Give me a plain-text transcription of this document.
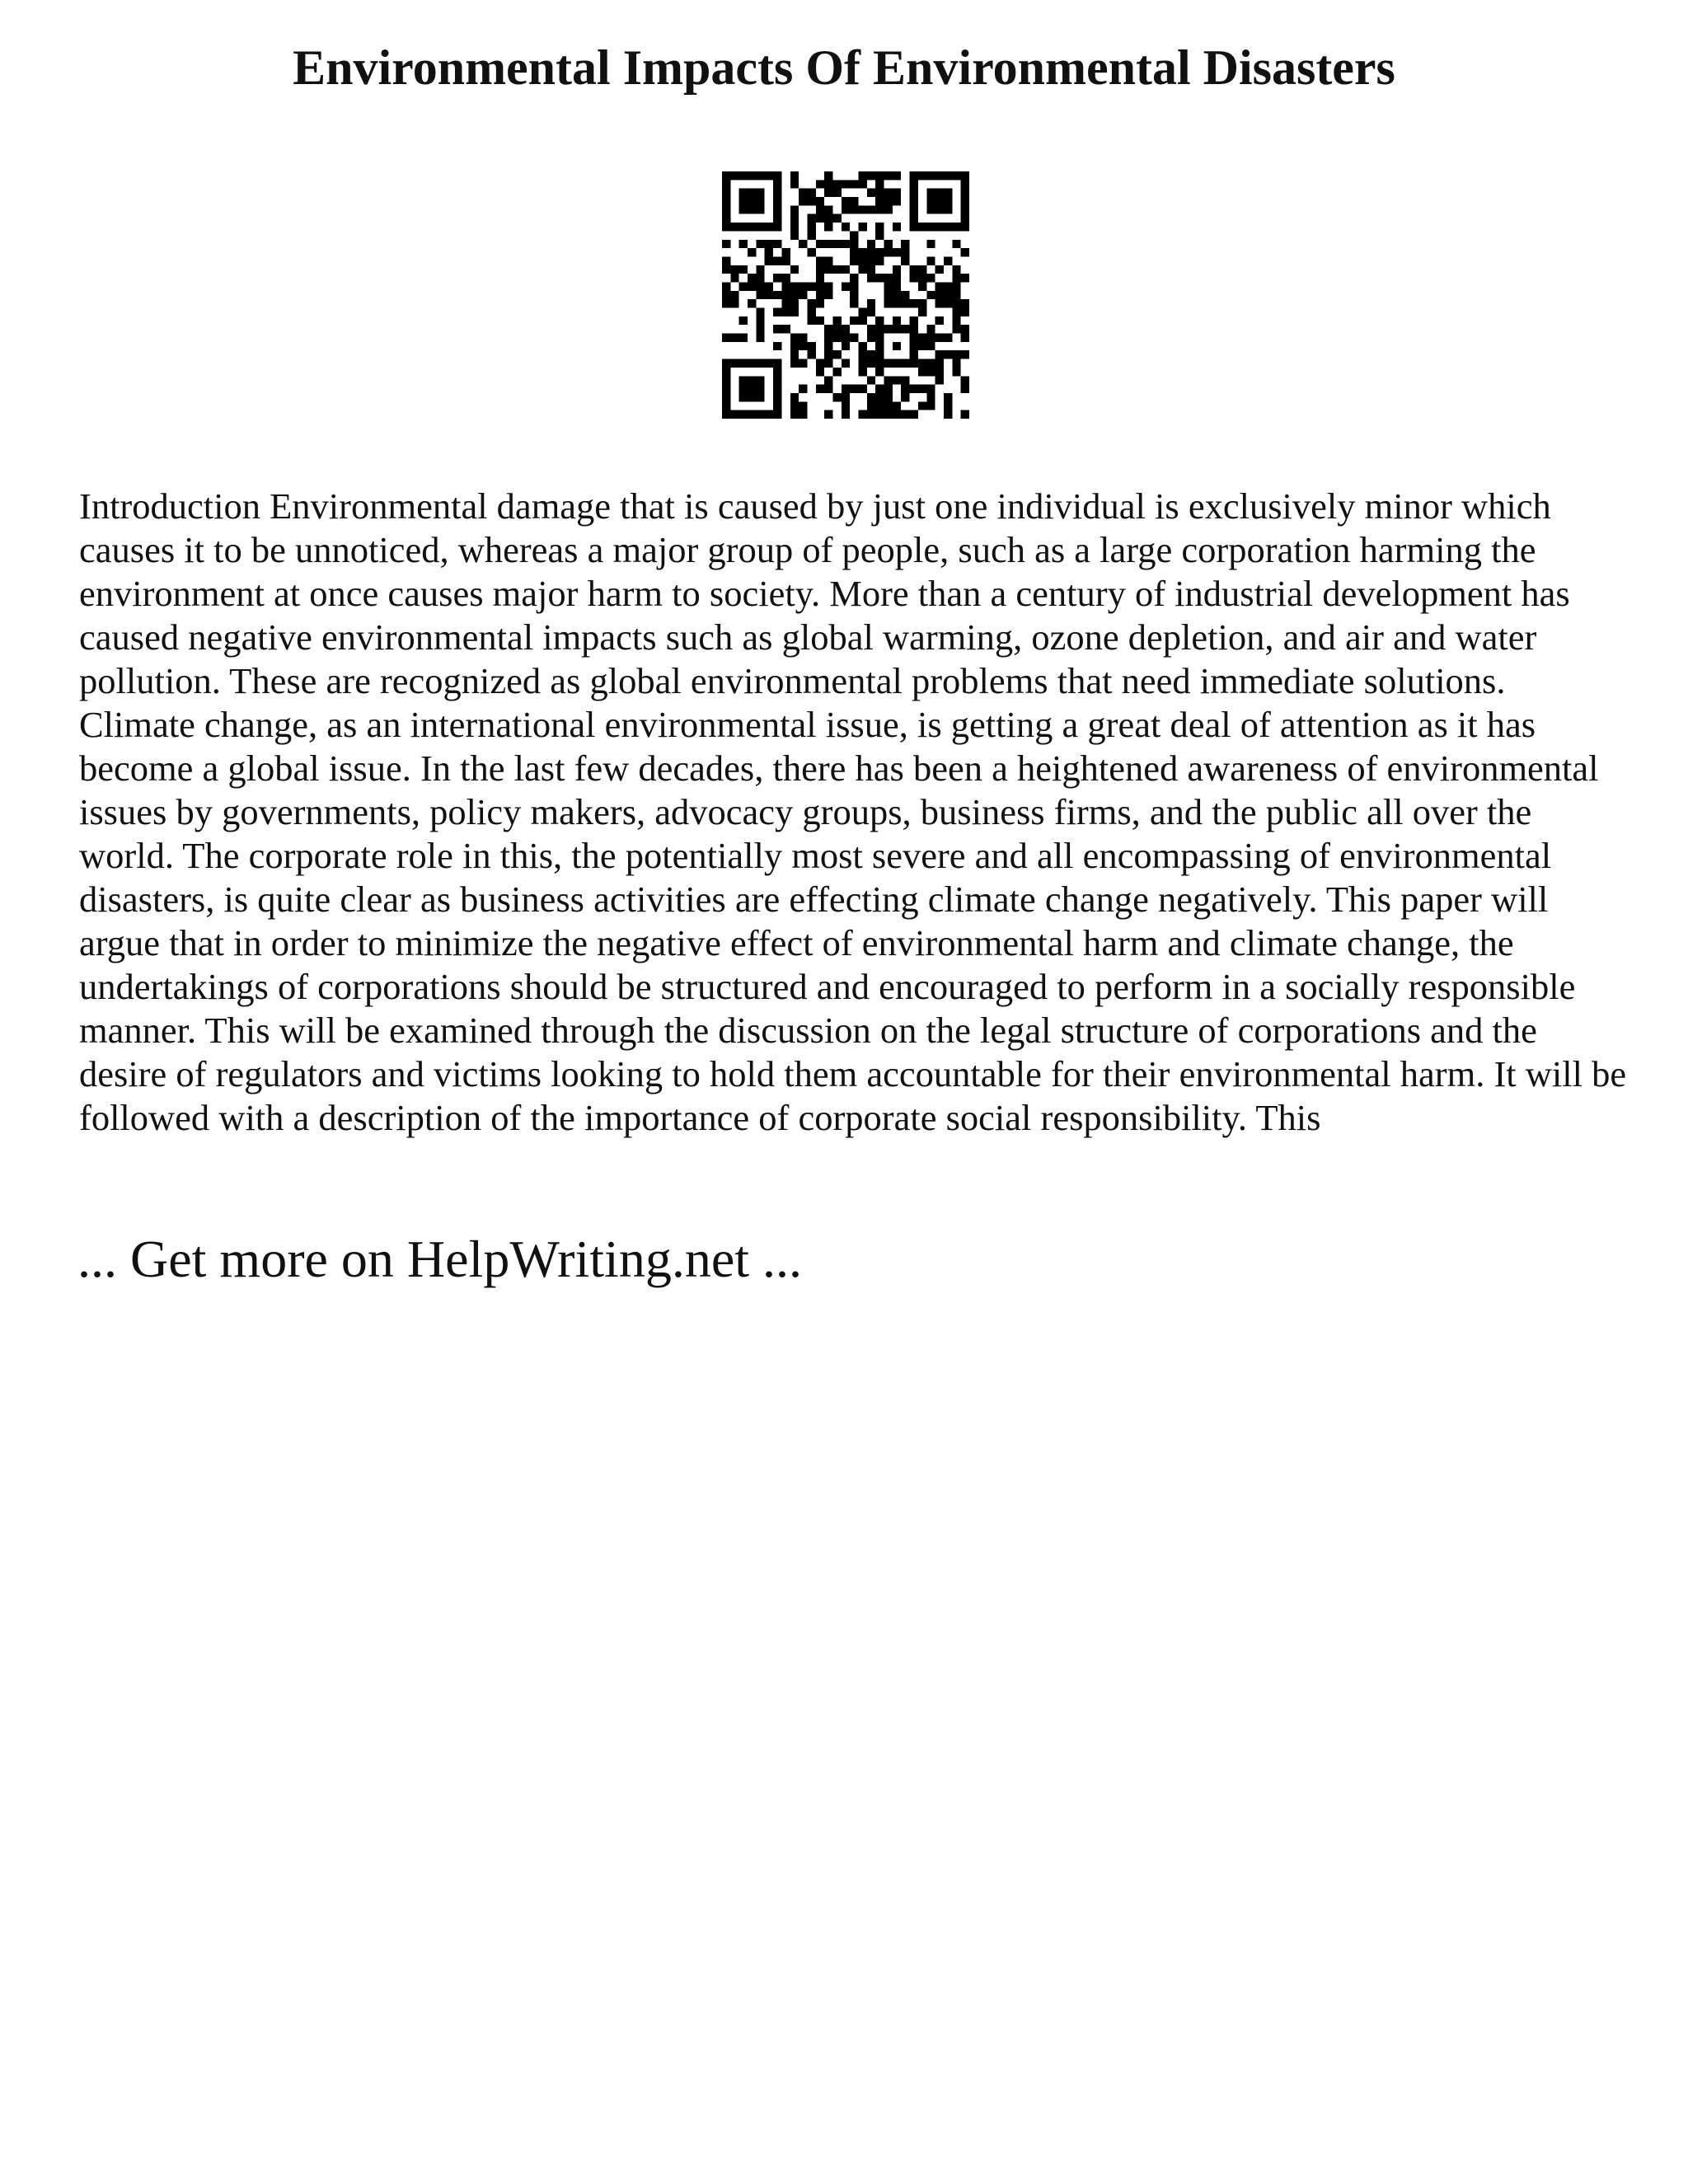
Environmental Impacts Of Environmental Disasters

Introduction Environmental damage that is caused by just one individual is exclusively minor which causes it to be unnoticed, whereas a major group of people, such as a large corporation harming the environment at once causes major harm to society. More than a century of industrial development has caused negative environmental impacts such as global warming, ozone depletion, and air and water pollution. These are recognized as global environmental problems that need immediate solutions. Climate change, as an international environmental issue, is getting a great deal of attention as it has become a global issue. In the last few decades, there has been a heightened awareness of environmental issues by governments, policy makers, advocacy groups, business firms, and the public all over the world. The corporate role in this, the potentially most severe and all encompassing of environmental disasters, is quite clear as business activities are effecting climate change negatively. This paper will argue that in order to minimize the negative effect of environmental harm and climate change, the undertakings of corporations should be structured and encouraged to perform in a socially responsible manner. This will be examined through the discussion on the legal structure of corporations and the desire of regulators and victims looking to hold them accountable for their environmental harm. It will be followed with a description of the importance of corporate social responsibility. This

... Get more on HelpWriting.net ...
